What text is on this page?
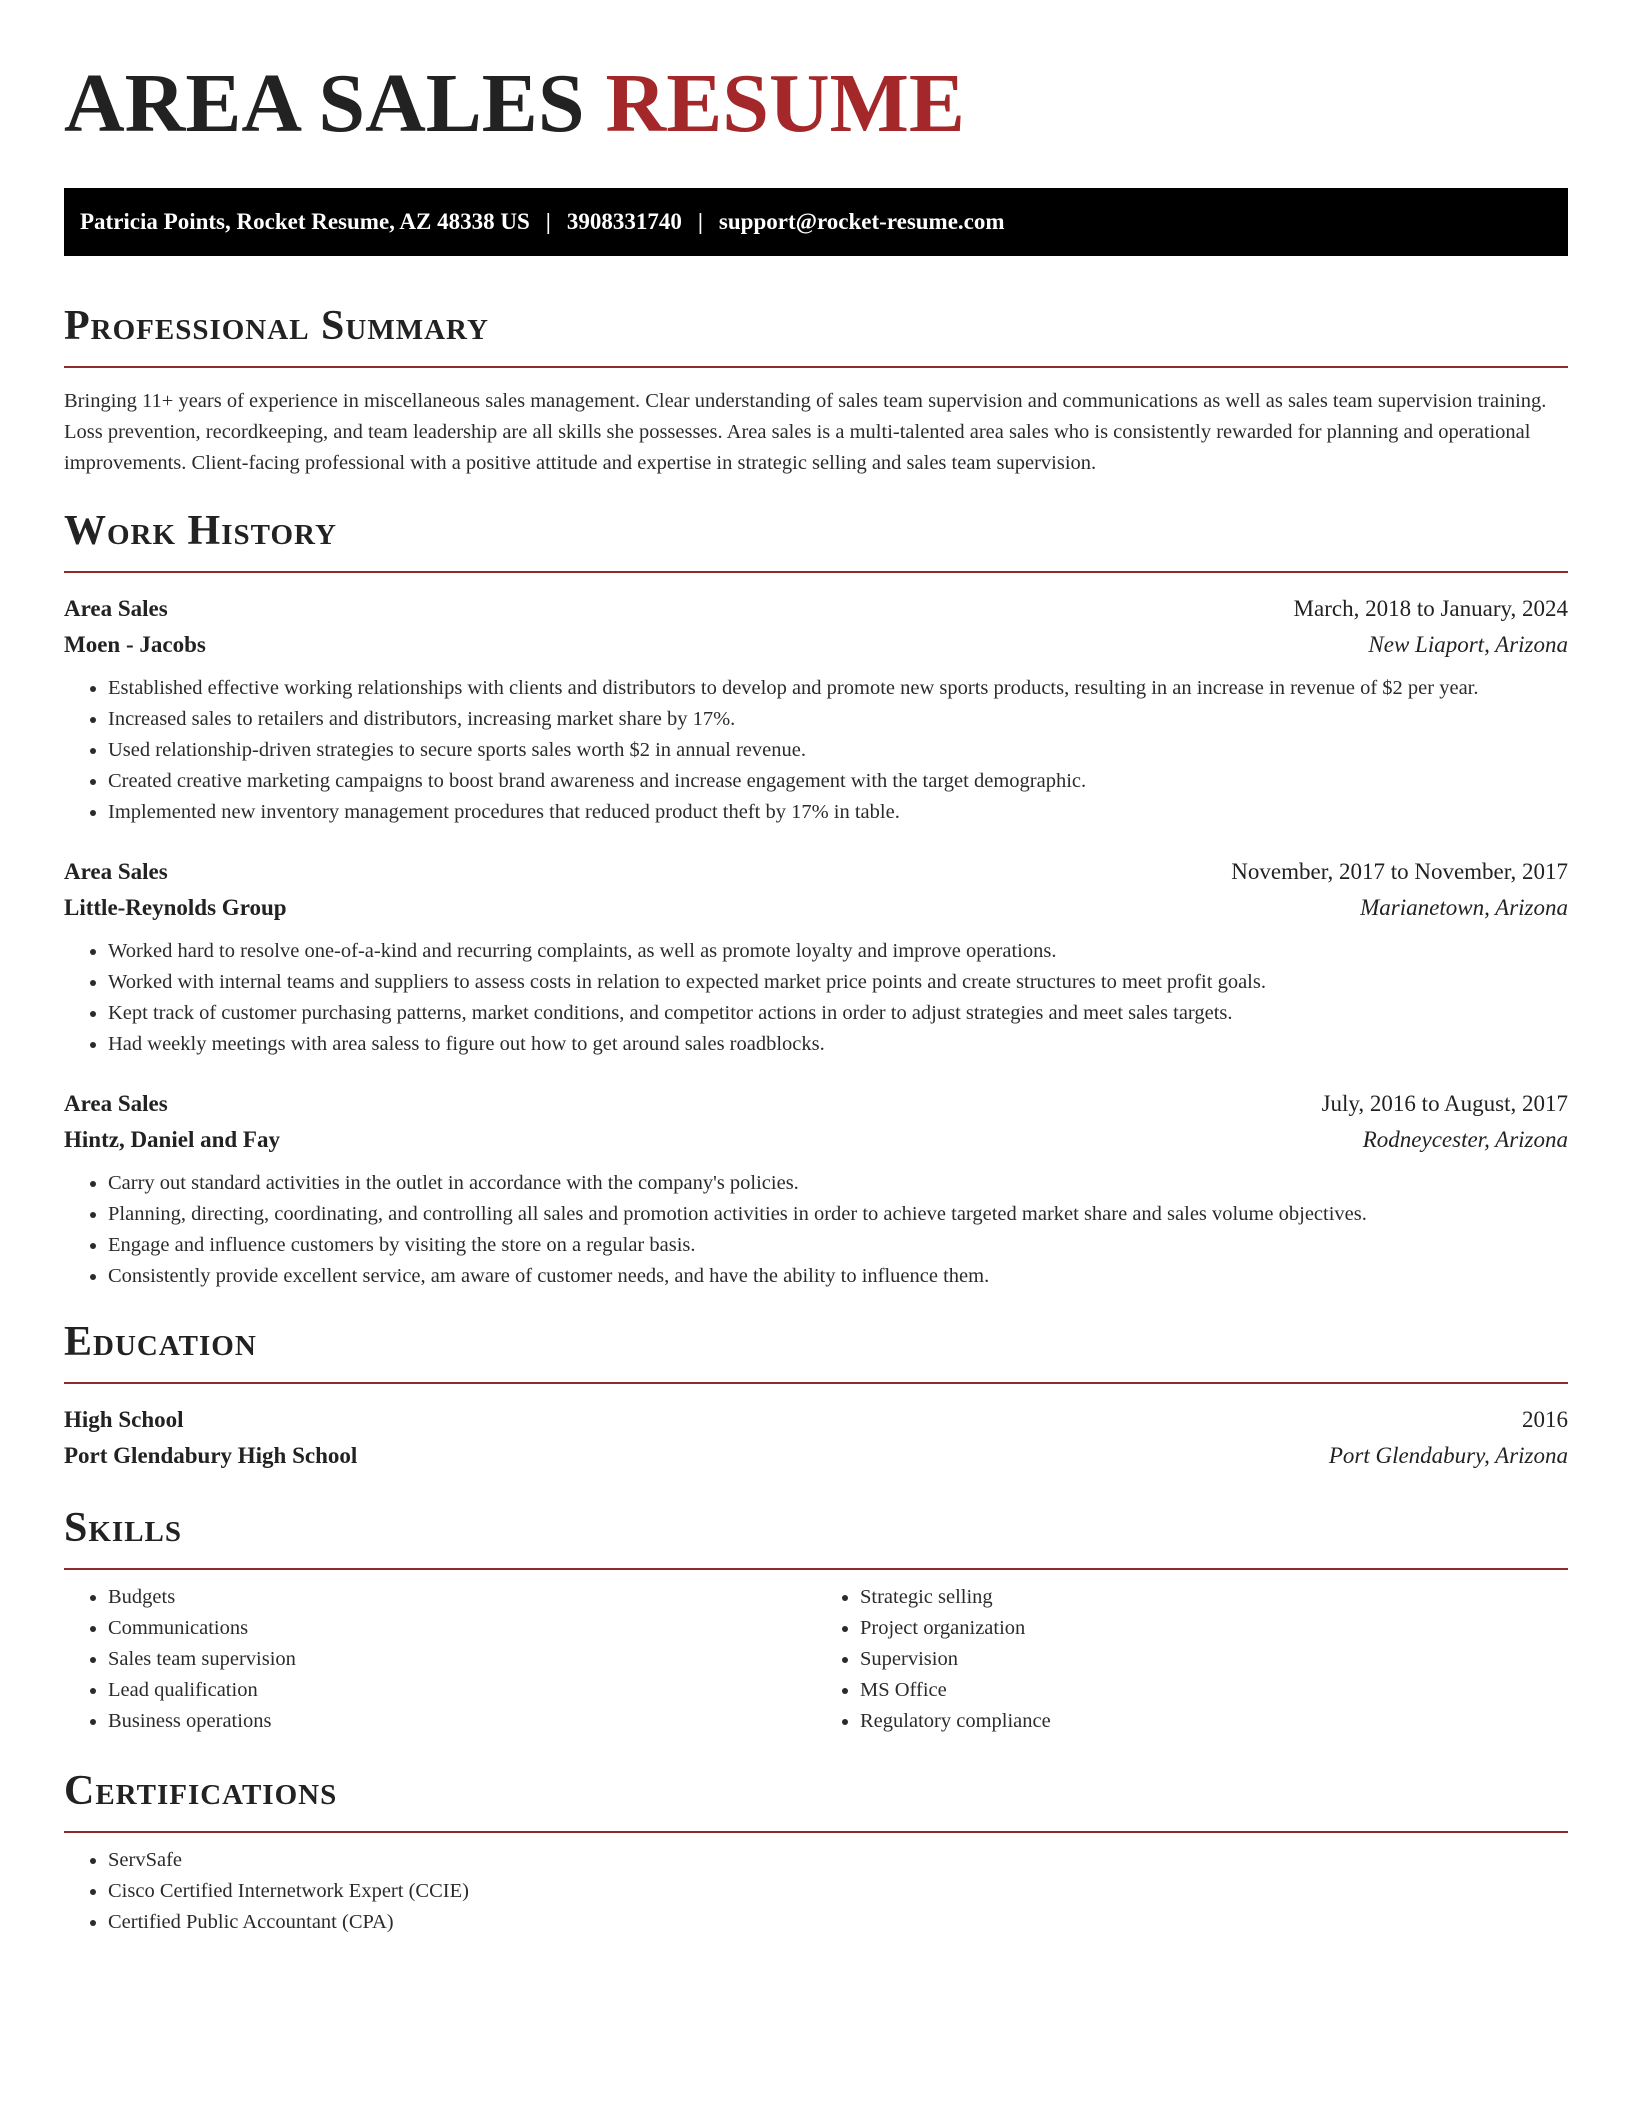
AREA SALES RESUME
Patricia Points, Rocket Resume, AZ 48338 US | 3908331740 | support@rocket-resume.com
Professional Summary

Bringing 11+ years of experience in miscellaneous sales management. Clear understanding of sales team supervision and communications as well as sales team supervision training. Loss prevention, recordkeeping, and team leadership are all skills she possesses. Area sales is a multi-talented area sales who is consistently rewarded for planning and operational improvements. Client-facing professional with a positive attitude and expertise in strategic selling and sales team supervision.

Work History
Area Sales	March, 2018 to January, 2024
Moen - Jacobs	New Liaport, Arizona
• Established effective working relationships with clients and distributors to develop and promote new sports products, resulting in an increase in revenue of $2 per year.
• Increased sales to retailers and distributors, increasing market share by 17%.
• Used relationship-driven strategies to secure sports sales worth $2 in annual revenue.
• Created creative marketing campaigns to boost brand awareness and increase engagement with the target demographic.
• Implemented new inventory management procedures that reduced product theft by 17% in table.
Area Sales	November, 2017 to November, 2017
Little-Reynolds Group	Marianetown, Arizona
• Worked hard to resolve one-of-a-kind and recurring complaints, as well as promote loyalty and improve operations.
• Worked with internal teams and suppliers to assess costs in relation to expected market price points and create structures to meet profit goals.
• Kept track of customer purchasing patterns, market conditions, and competitor actions in order to adjust strategies and meet sales targets.
• Had weekly meetings with area saless to figure out how to get around sales roadblocks.
Area Sales	July, 2016 to August, 2017
Hintz, Daniel and Fay	Rodneycester, Arizona
• Carry out standard activities in the outlet in accordance with the company's policies.
• Planning, directing, coordinating, and controlling all sales and promotion activities in order to achieve targeted market share and sales volume objectives.
• Engage and influence customers by visiting the store on a regular basis.
• Consistently provide excellent service, am aware of customer needs, and have the ability to influence them.
Education
High School	2016
Port Glendabury High School	Port Glendabury, Arizona
Skills
• Budgets
• Communications
• Sales team supervision
• Lead qualification
• Business operations
• Strategic selling
• Project organization
• Supervision
• MS Office
• Regulatory compliance
Certifications
• ServSafe
• Cisco Certified Internetwork Expert (CCIE)
• Certified Public Accountant (CPA)
